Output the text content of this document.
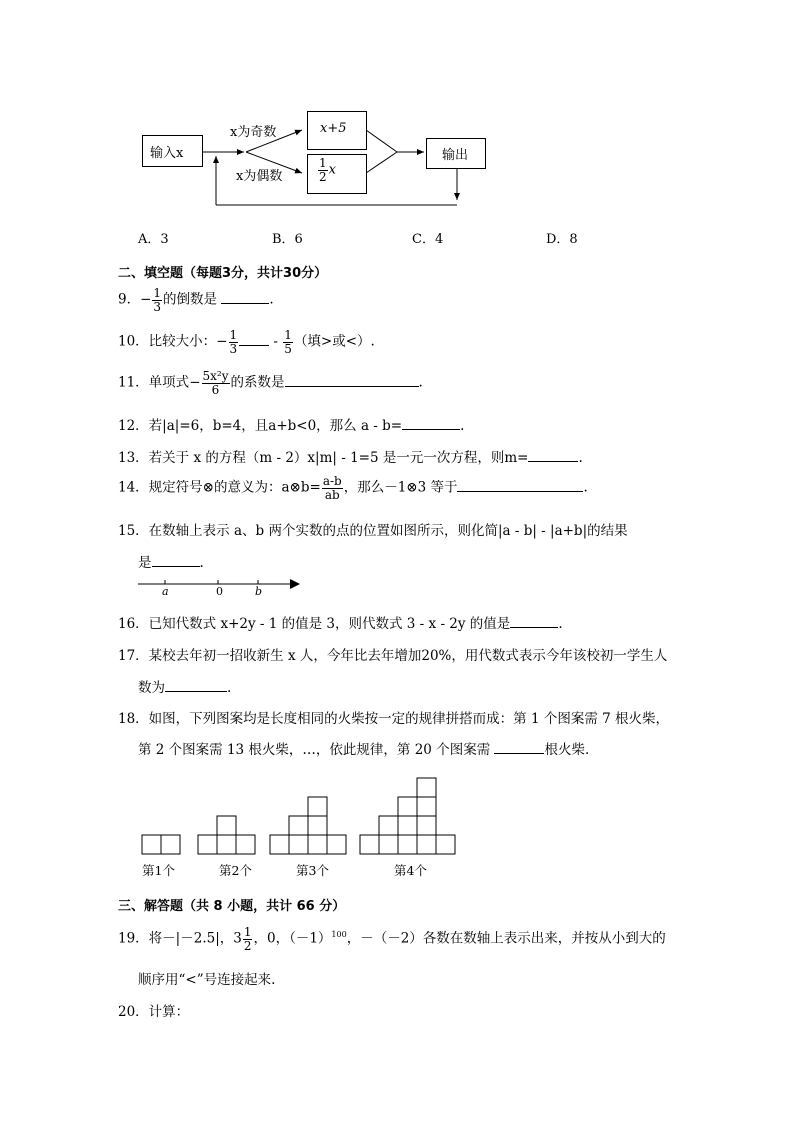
输入x
x为奇数
x为偶数
x+5
$\frac{1}{2}$ x
输出
A．3	B．6	C．4	D．8
二、填空题（每题3分，共计30分）
9．− $\frac{1}{3}$ 的倒数是	.
10．比较大小：− $\frac{1}{3} - \frac{1}{5}$ （填>或<）.
11．单项式− $\frac{\text{5x²y}}{6}$ 的系数是	.
12．若|a|=6，b=4，且a+b<0，那么 a - b=	.
13．若关于 x 的方程（m - 2）x|m| - 1=5 是一元一次方程，则m=	.
14．规定符号⊗的意义为：a⊗b= $\frac{a-b}{ab}$ ，那么－1⊗3 等于	.
15．在数轴上表示 a、b 两个实数的点的位置如图所示，则化简|a - b| - |a+b|的结果
是	.
a	0	b
16．已知代数式 x+2y - 1 的值是 3，则代数式 3 - x - 2y 的值是	.
17．某校去年初一招收新生 x 人，今年比去年增加20%，用代数式表示今年该校初一学生人
数为	.
18．如图，下列图案均是长度相同的火柴按一定的规律拼搭而成：第 1 个图案需 7 根火柴，
第 2 个图案需 13 根火柴，…，依此规律，第 20 个图案需	根火柴.
第1个	第2个	第3个	第4个
三、解答题（共 8 小题，共计 66 分）
19．将－|－2.5|，$3 \frac{1}{2}$ ，0，$(-1)^{100}$，－（－2）各数在数轴上表示出来，并按从小到大的
顺序用“<”号连接起来.
20．计算：
